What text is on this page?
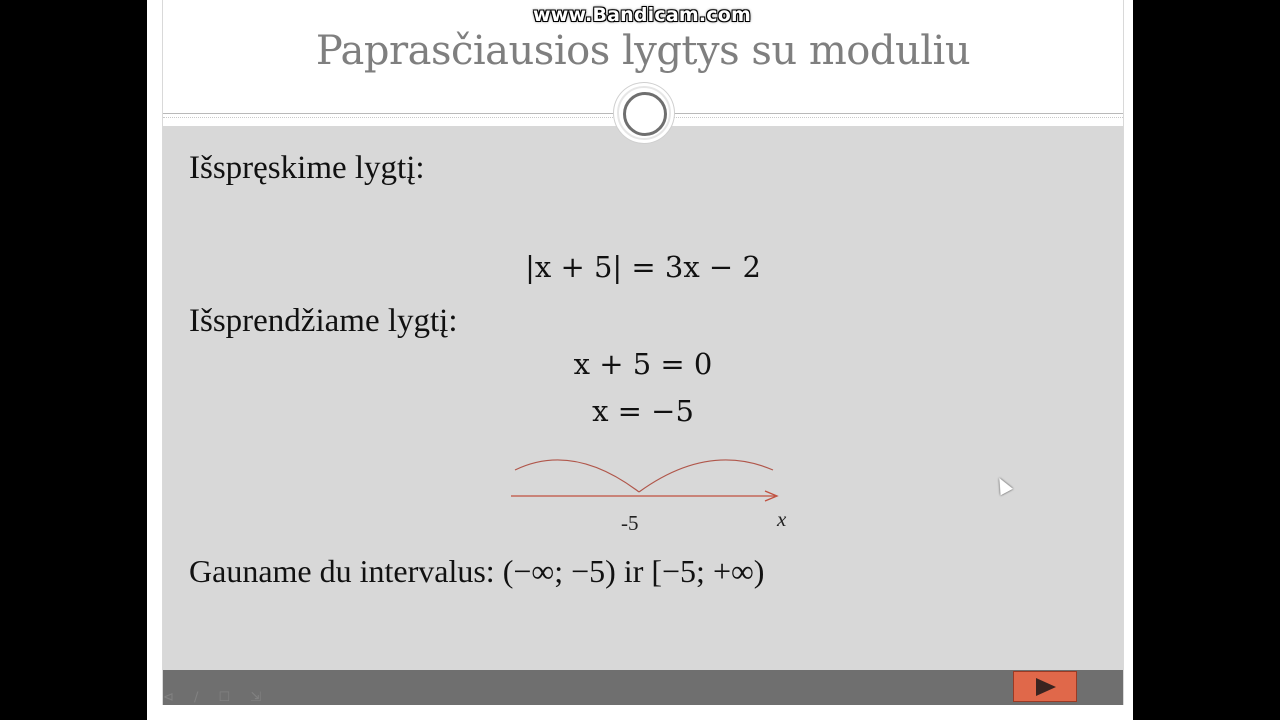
Paprasčiausios lygtys su moduliu
Išspręskime lygtį:
|x + 5| = 3x − 2
Išsprendžiame lygtį:
x + 5 = 0
x = −5
-5	x
Gauname du intervalus: (−∞; −5) ir [−5; +∞)
⊲ ∕ ☐ ⇲
www.Bandicam.com
